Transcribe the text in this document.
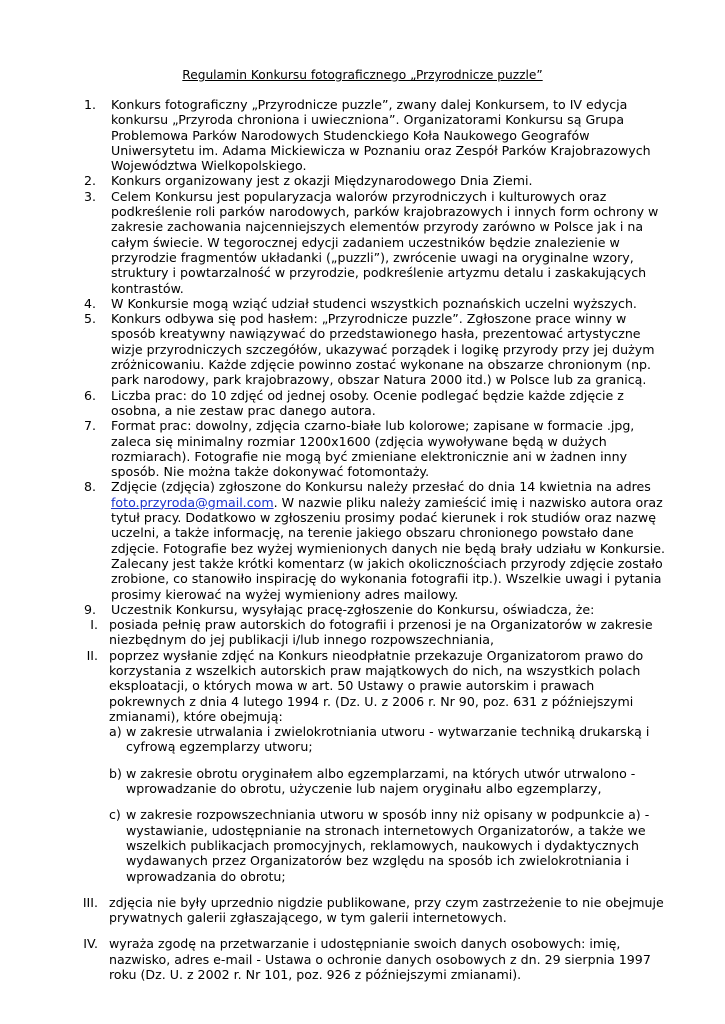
Regulamin Konkursu fotograficznego „Przyrodnicze puzzle”
1. Konkurs fotograficzny „Przyrodnicze puzzle”, zwany dalej Konkursem, to IV edycja konkursu „Przyroda chroniona i uwieczniona”. Organizatorami Konkursu są Grupa Problemowa Parków Narodowych Studenckiego Koła Naukowego Geografów Uniwersytetu im. Adama Mickiewicza w Poznaniu oraz Zespół Parków Krajobrazowych Województwa Wielkopolskiego.
2. Konkurs organizowany jest z okazji Międzynarodowego Dnia Ziemi.
3. Celem Konkursu jest popularyzacja walorów przyrodniczych i kulturowych oraz podkreślenie roli parków narodowych, parków krajobrazowych i innych form ochrony w zakresie zachowania najcenniejszych elementów przyrody zarówno w Polsce jak i na całym świecie. W tegorocznej edycji zadaniem uczestników będzie znalezienie w przyrodzie fragmentów układanki („puzzli”), zwrócenie uwagi na oryginalne wzory, struktury i powtarzalność w przyrodzie, podkreślenie artyzmu detalu i zaskakujących kontrastów.
4. W Konkursie mogą wziąć udział studenci wszystkich poznańskich uczelni wyższych.
5. Konkurs odbywa się pod hasłem: „Przyrodnicze puzzle”. Zgłoszone prace winny w sposób kreatywny nawiązywać do przedstawionego hasła, prezentować artystyczne wizje przyrodniczych szczegółów, ukazywać porządek i logikę przyrody przy jej dużym zróżnicowaniu. Każde zdjęcie powinno zostać wykonane na obszarze chronionym (np. park narodowy, park krajobrazowy, obszar Natura 2000 itd.) w Polsce lub za granicą.
6. Liczba prac: do 10 zdjęć od jednej osoby. Ocenie podlegać będzie każde zdjęcie z osobna, a nie zestaw prac danego autora.
7. Format prac: dowolny, zdjęcia czarno-białe lub kolorowe; zapisane w formacie .jpg, zaleca się minimalny rozmiar 1200x1600 (zdjęcia wywoływane będą w dużych rozmiarach). Fotografie nie mogą być zmieniane elektronicznie ani w żadnen inny sposób. Nie można także dokonywać fotomontaży.
8. Zdjęcie (zdjęcia) zgłoszone do Konkursu należy przesłać do dnia 14 kwietnia na adres foto.przyroda@gmail.com. W nazwie pliku należy zamieścić imię i nazwisko autora oraz tytuł pracy. Dodatkowo w zgłoszeniu prosimy podać kierunek i rok studiów oraz nazwę uczelni, a także informację, na terenie jakiego obszaru chronionego powstało dane zdjęcie. Fotografie bez wyżej wymienionych danych nie będą brały udziału w Konkursie. Zalecany jest także krótki komentarz (w jakich okolicznościach przyrody zdjęcie zostało zrobione, co stanowiło inspirację do wykonania fotografii itp.). Wszelkie uwagi i pytania prosimy kierować na wyżej wymieniony adres mailowy.
9. Uczestnik Konkursu, wysyłając pracę-zgłoszenie do Konkursu, oświadcza, że:
I. posiada pełnię praw autorskich do fotografii i przenosi je na Organizatorów w zakresie niezbędnym do jej publikacji i/lub innego rozpowszechniania,
II. poprzez wysłanie zdjęć na Konkurs nieodpłatnie przekazuje Organizatorom prawo do korzystania z wszelkich autorskich praw majątkowych do nich, na wszystkich polach eksploatacji, o których mowa w art. 50 Ustawy o prawie autorskim i prawach pokrewnych z dnia 4 lutego 1994 r. (Dz. U. z 2006 r. Nr 90, poz. 631 z późniejszymi zmianami), które obejmują:
a) w zakresie utrwalania i zwielokrotniania utworu - wytwarzanie techniką drukarską i cyfrową egzemplarzy utworu;
b) w zakresie obrotu oryginałem albo egzemplarzami, na których utwór utrwalono - wprowadzanie do obrotu, użyczenie lub najem oryginału albo egzemplarzy,
c) w zakresie rozpowszechniania utworu w sposób inny niż opisany w podpunkcie a) - wystawianie, udostępnianie na stronach internetowych Organizatorów, a także we wszelkich publikacjach promocyjnych, reklamowych, naukowych i dydaktycznych wydawanych przez Organizatorów bez względu na sposób ich zwielokrotniania i wprowadzania do obrotu;
III. zdjęcia nie były uprzednio nigdzie publikowane, przy czym zastrzeżenie to nie obejmuje prywatnych galerii zgłaszającego, w tym galerii internetowych.
IV. wyraża zgodę na przetwarzanie i udostępnianie swoich danych osobowych: imię, nazwisko, adres e-mail - Ustawa o ochronie danych osobowych z dn. 29 sierpnia 1997 roku (Dz. U. z 2002 r. Nr 101, poz. 926 z późniejszymi zmianami).
